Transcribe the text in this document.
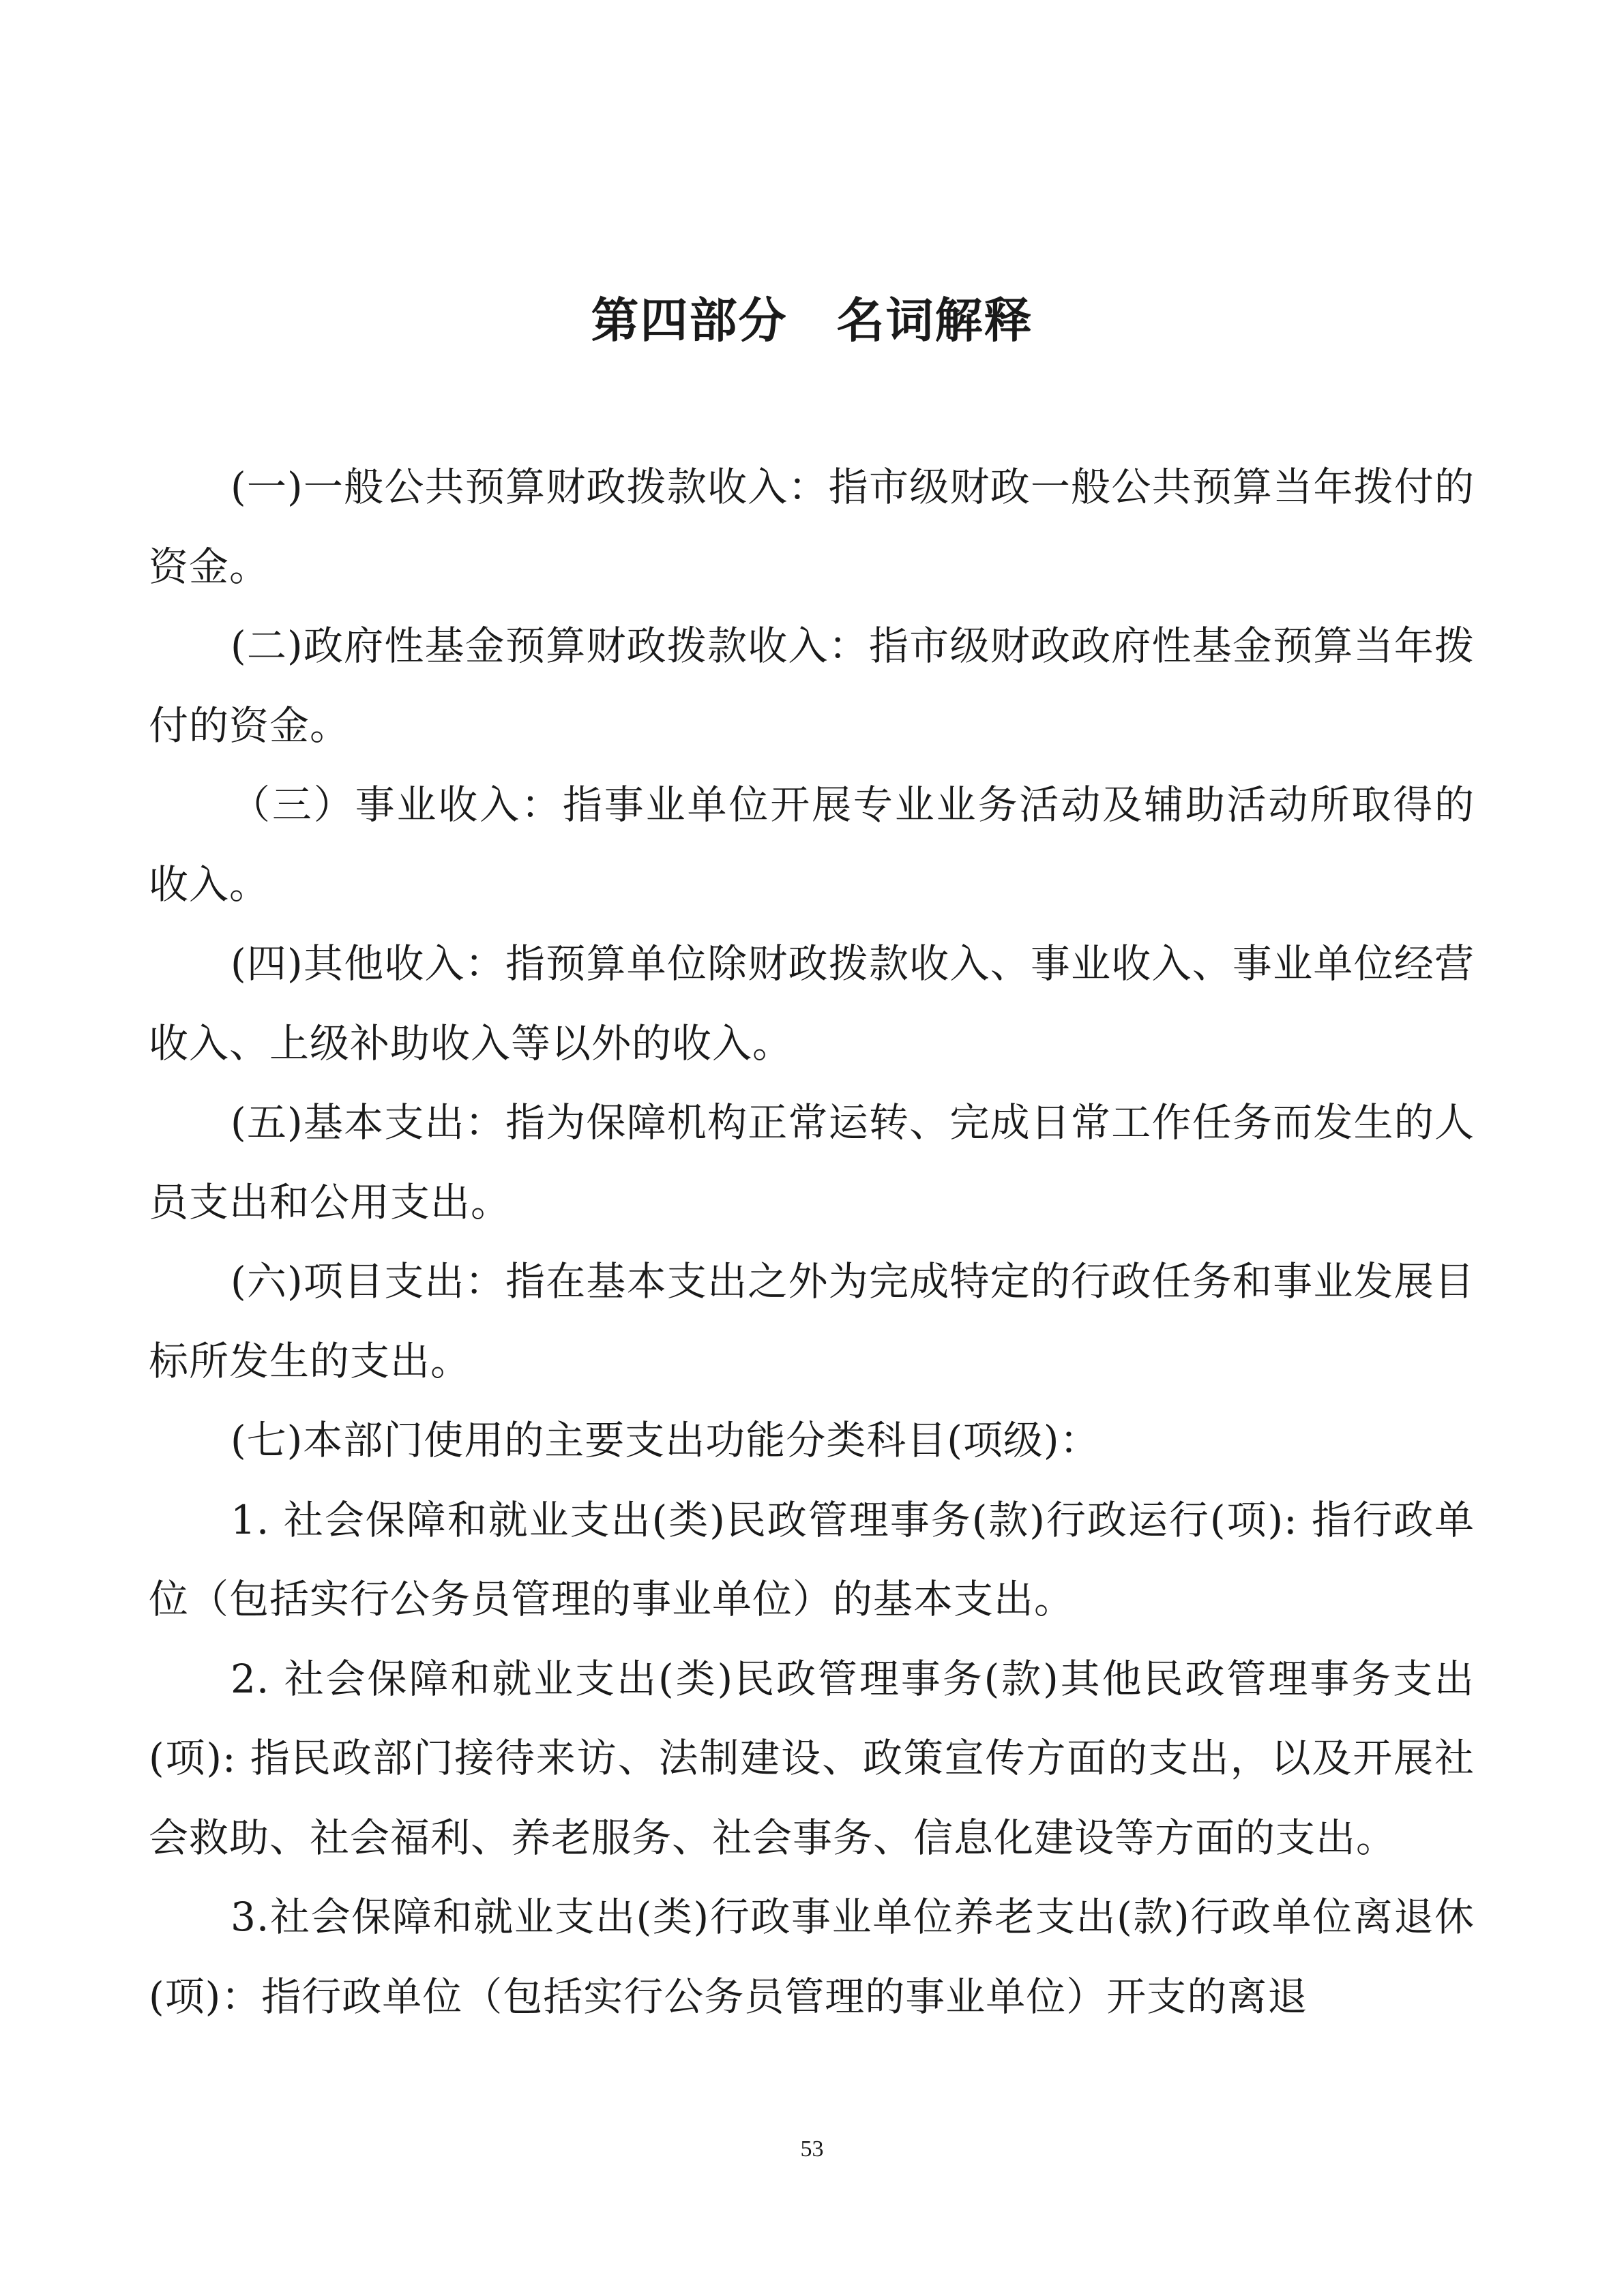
第四部分　名词解释

(一)一般公共预算财政拨款收入：指市级财政一般公共预算当年拨付的资金。

(二)政府性基金预算财政拨款收入：指市级财政政府性基金预算当年拨付的资金。

（三）事业收入：指事业单位开展专业业务活动及辅助活动所取得的收入。

(四)其他收入：指预算单位除财政拨款收入、事业收入、事业单位经营收入、上级补助收入等以外的收入。

(五)基本支出：指为保障机构正常运转、完成日常工作任务而发生的人员支出和公用支出。

(六)项目支出：指在基本支出之外为完成特定的行政任务和事业发展目标所发生的支出。

(七)本部门使用的主要支出功能分类科目(项级)：

1. 社会保障和就业支出(类)民政管理事务(款)行政运行(项): 指行政单位（包括实行公务员管理的事业单位）的基本支出。

2. 社会保障和就业支出(类)民政管理事务(款)其他民政管理事务支出(项): 指民政部门接待来访、法制建设、政策宣传方面的支出，以及开展社会救助、社会福利、养老服务、社会事务、信息化建设等方面的支出。

3.社会保障和就业支出(类)行政事业单位养老支出(款)行政单位离退休(项)：指行政单位（包括实行公务员管理的事业单位）开支的离退

53
